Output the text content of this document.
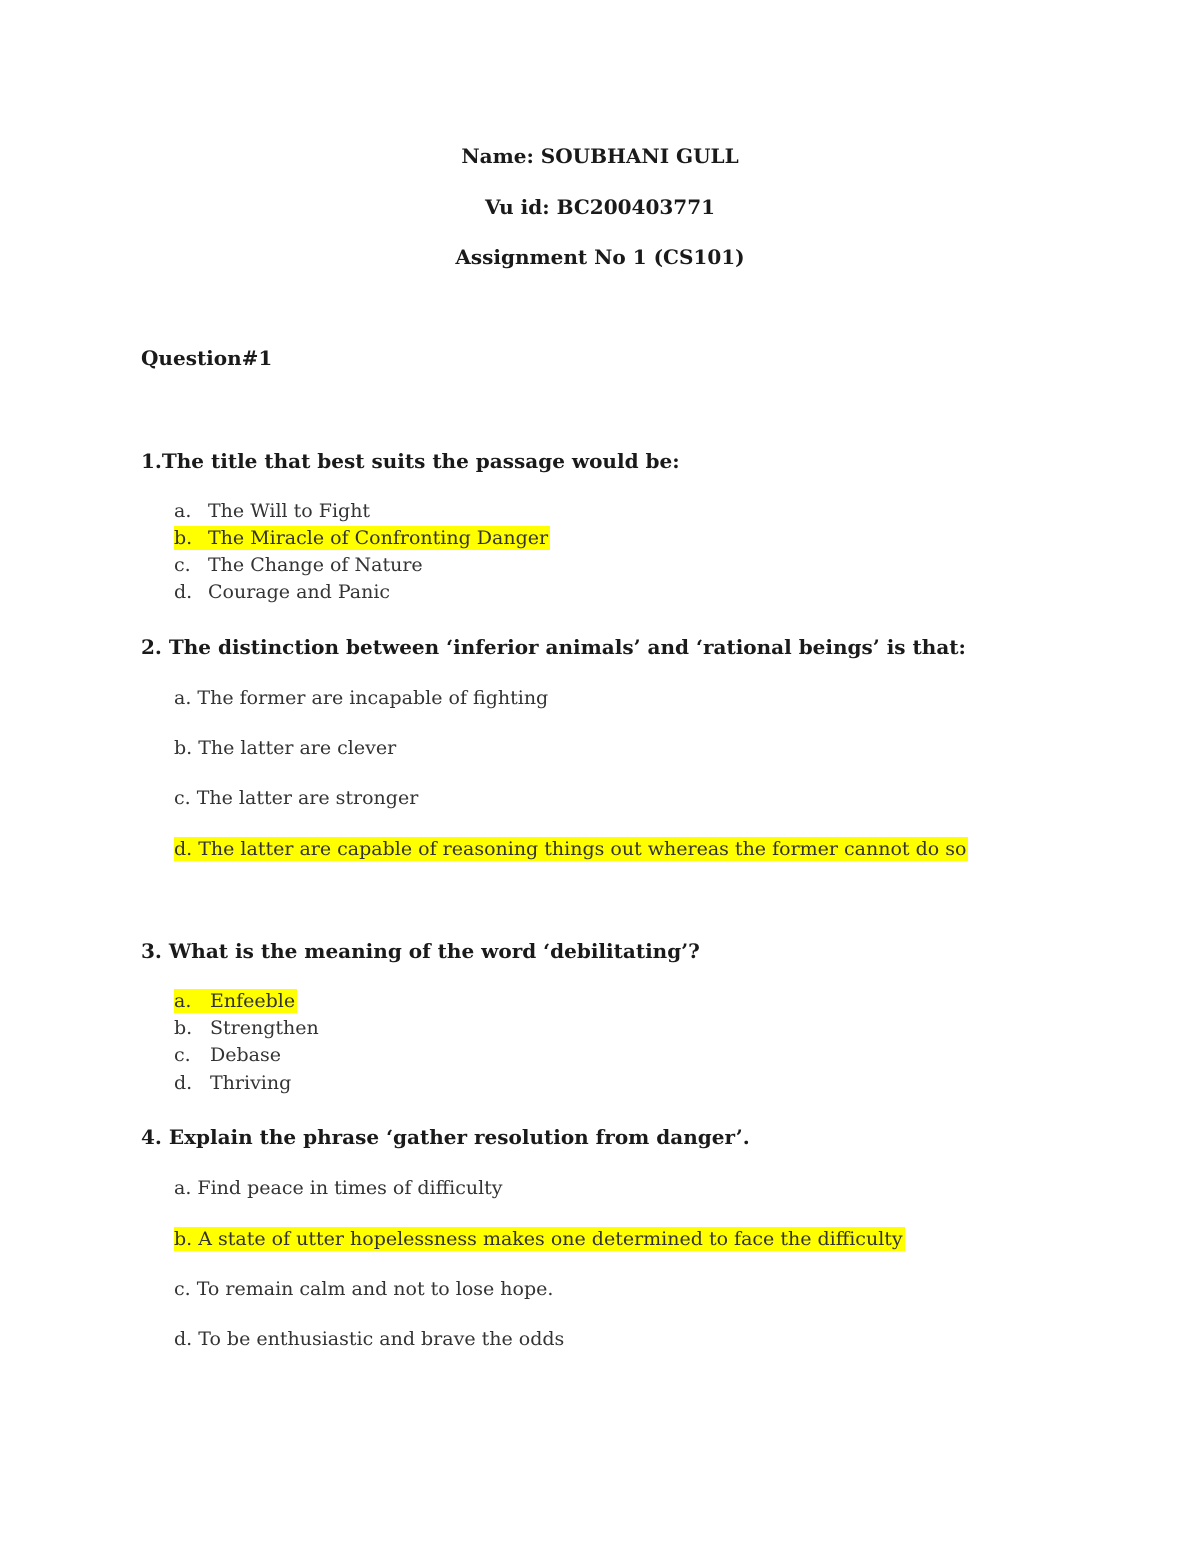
Name: SOUBHANI GULL
Vu id: BC200403771
Assignment No 1 (CS101)
Question#1
1.The title that best suits the passage would be:
a. The Will to Fight
b. The Miracle of Confronting Danger
c. The Change of Nature
d. Courage and Panic
2. The distinction between ‘inferior animals’ and ‘rational beings’ is that:
a. The former are incapable of fighting
b. The latter are clever
c. The latter are stronger
d. The latter are capable of reasoning things out whereas the former cannot do so
3. What is the meaning of the word ‘debilitating’?
a. Enfeeble
b. Strengthen
c. Debase
d. Thriving
4. Explain the phrase ‘gather resolution from danger’.
a. Find peace in times of difficulty
b. A state of utter hopelessness makes one determined to face the difficulty
c. To remain calm and not to lose hope.
d. To be enthusiastic and brave the odds
